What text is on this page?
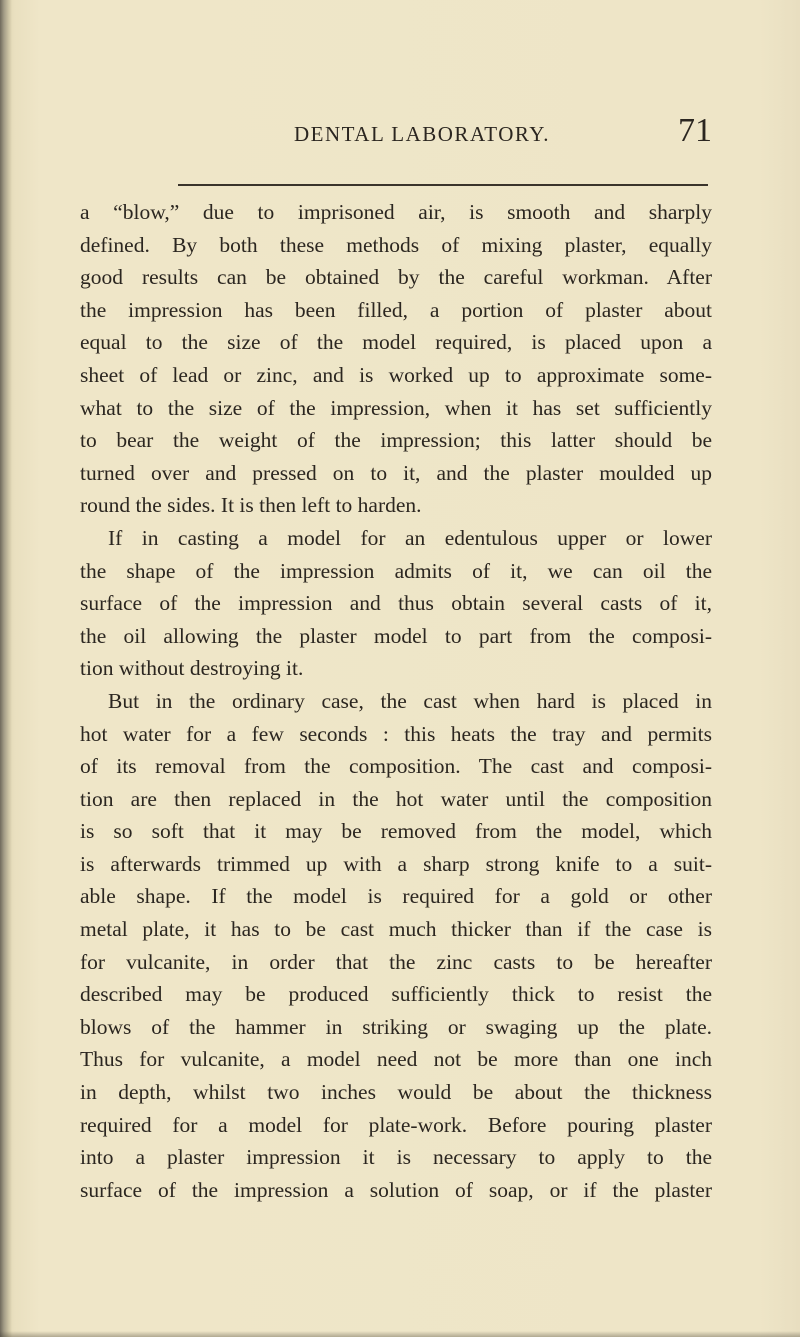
DENTAL LABORATORY.	71
a “blow,” due to imprisoned air, is smooth and sharply
defined. By both these methods of mixing plaster, equally
good results can be obtained by the careful workman. After
the impression has been filled, a portion of plaster about
equal to the size of the model required, is placed upon a
sheet of lead or zinc, and is worked up to approximate some-
what to the size of the impression, when it has set sufficiently
to bear the weight of the impression; this latter should be
turned over and pressed on to it, and the plaster moulded up
round the sides. It is then left to harden.
If in casting a model for an edentulous upper or lower
the shape of the impression admits of it, we can oil the
surface of the impression and thus obtain several casts of it,
the oil allowing the plaster model to part from the composi-
tion without destroying it.
But in the ordinary case, the cast when hard is placed in
hot water for a few seconds : this heats the tray and permits
of its removal from the composition. The cast and composi-
tion are then replaced in the hot water until the composition
is so soft that it may be removed from the model, which
is afterwards trimmed up with a sharp strong knife to a suit-
able shape. If the model is required for a gold or other
metal plate, it has to be cast much thicker than if the case is
for vulcanite, in order that the zinc casts to be hereafter
described may be produced sufficiently thick to resist the
blows of the hammer in striking or swaging up the plate.
Thus for vulcanite, a model need not be more than one inch
in depth, whilst two inches would be about the thickness
required for a model for plate-work. Before pouring plaster
into a plaster impression it is necessary to apply to the
surface of the impression a solution of soap, or if the plaster
